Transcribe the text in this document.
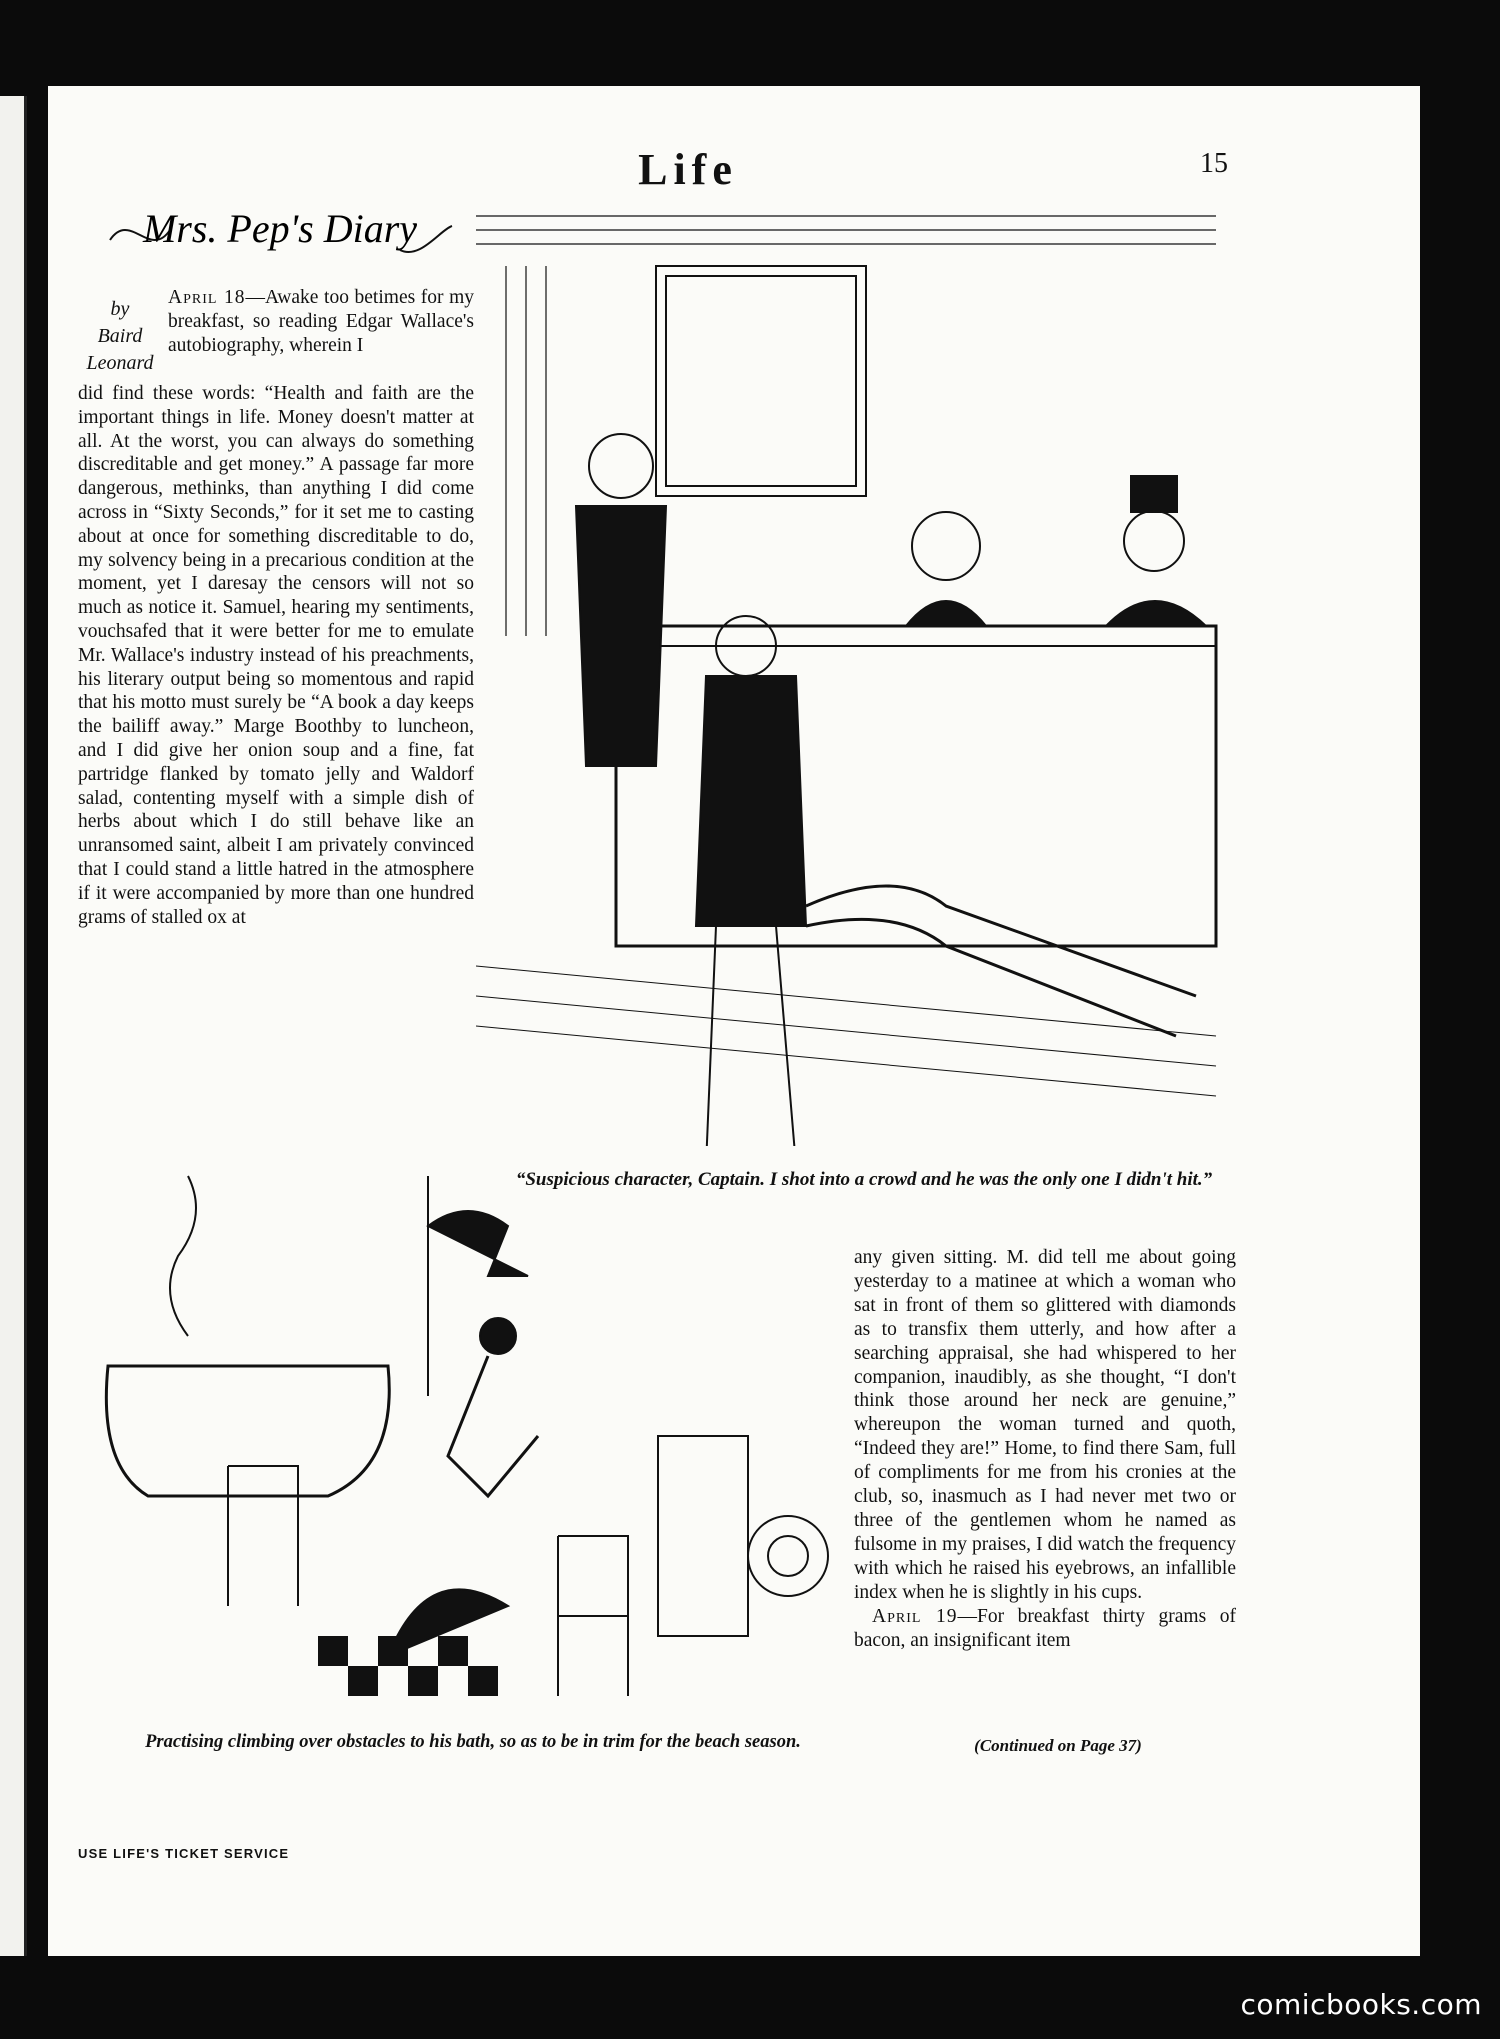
Life	15
Mrs. Pep's Diary
by
Baird
Leonard
April 18—Awake too betimes for my breakfast, so reading Edgar Wallace's autobiography, wherein I
did find these words: “Health and faith are the important things in life. Money doesn't matter at all. At the worst, you can always do something discreditable and get money.” A passage far more dangerous, methinks, than anything I did come across in “Sixty Seconds,” for it set me to casting about at once for something discreditable to do, my solvency being in a precarious condition at the moment, yet I daresay the censors will not so much as notice it. Samuel, hearing my sentiments, vouchsafed that it were better for me to emulate Mr. Wallace's industry instead of his preachments, his literary output being so momentous and rapid that his motto must surely be “A book a day keeps the bailiff away.” Marge Boothby to luncheon, and I did give her onion soup and a fine, fat partridge flanked by tomato jelly and Waldorf salad, contenting myself with a simple dish of herbs about which I do still behave like an unransomed saint, albeit I am privately convinced that I could stand a little hatred in the atmosphere if it were accompanied by more than one hundred grams of stalled ox at
“Suspicious character, Captain. I shot into a crowd and he was the only one I didn't hit.”
Practising climbing over obstacles to his bath, so as to be in trim for the beach season.

any given sitting. M. did tell me about going yesterday to a matinee at which a woman who sat in front of them so glittered with diamonds as to transfix them utterly, and how after a searching appraisal, she had whispered to her companion, inaudibly, as she thought, “I don't think those around her neck are genuine,” whereupon the woman turned and quoth, “Indeed they are!” Home, to find there Sam, full of compliments for me from his cronies at the club, so, inasmuch as I had never met two or three of the gentlemen whom he named as fulsome in my praises, I did watch the frequency with which he raised his eyebrows, an infallible index when he is slightly in his cups.

April 19—For breakfast thirty grams of bacon, an insignificant item

(Continued on Page 37)
USE LIFE'S TICKET SERVICE
comicbooks.com
